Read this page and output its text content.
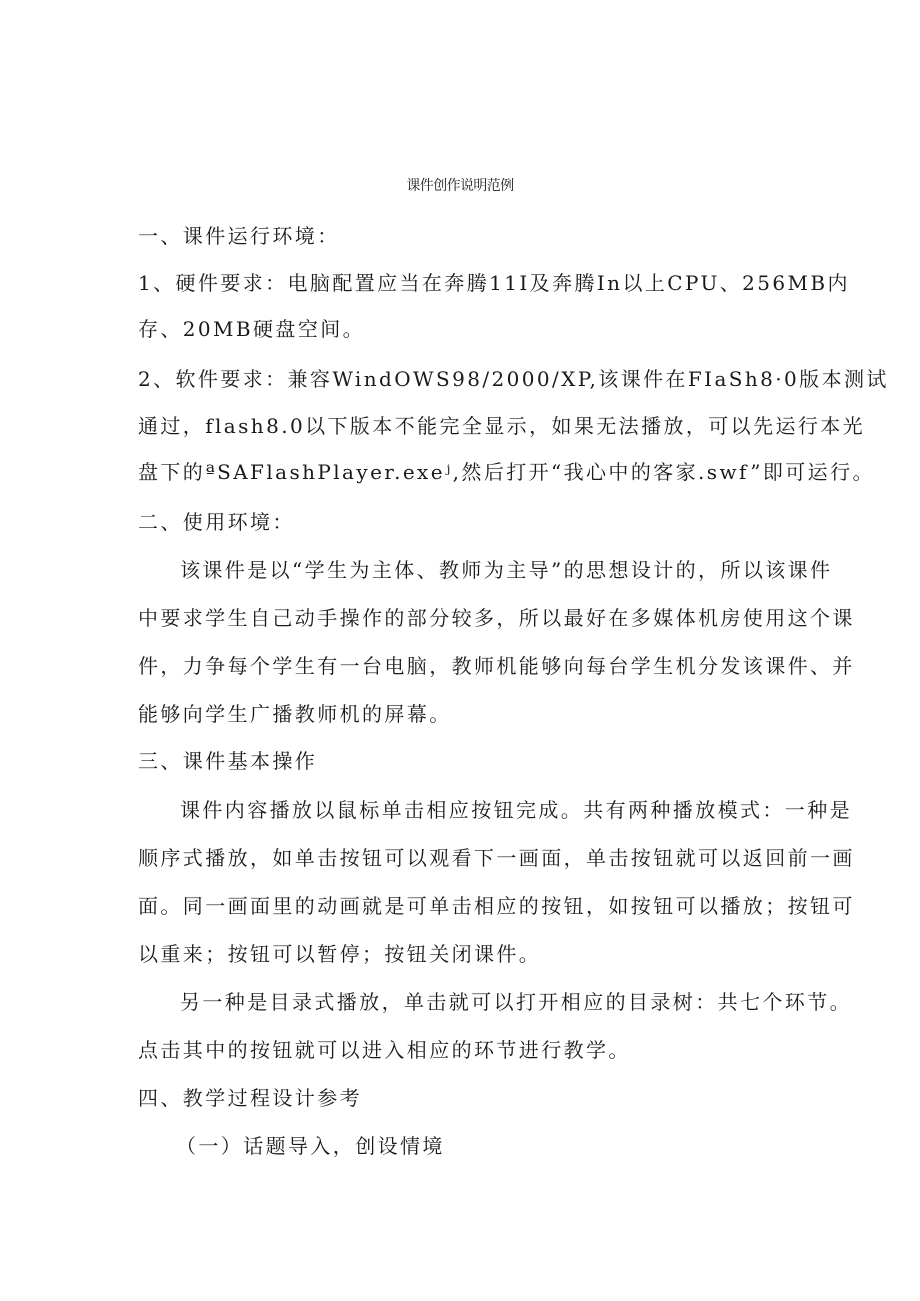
课件创作说明范例
一、课件运行环境：
1、硬件要求：电脑配置应当在奔腾11I及奔腾In以上CPU、256MB内
存、20MB硬盘空间。
2、软件要求：兼容WindOWS98/2000/XP,该课件在FIaSh8·0版本测试
通过，flash8.0以下版本不能完全显示，如果无法播放，可以先运行本光
盘下的ªSAFlashPlayer.exeʲ,然后打开“我心中的客家.swf”即可运行。
二、使用环境：
该课件是以“学生为主体、教师为主导”的思想设计的，所以该课件
中要求学生自己动手操作的部分较多，所以最好在多媒体机房使用这个课
件，力争每个学生有一台电脑，教师机能够向每台学生机分发该课件、并
能够向学生广播教师机的屏幕。
三、课件基本操作
课件内容播放以鼠标单击相应按钮完成。共有两种播放模式：一种是
顺序式播放，如单击按钮可以观看下一画面，单击按钮就可以返回前一画
面。同一画面里的动画就是可单击相应的按钮，如按钮可以播放；按钮可
以重来；按钮可以暂停；按钮关闭课件。
另一种是目录式播放，单击就可以打开相应的目录树：共七个环节。
点击其中的按钮就可以进入相应的环节进行教学。
四、教学过程设计参考
（一）话题导入，创设情境
